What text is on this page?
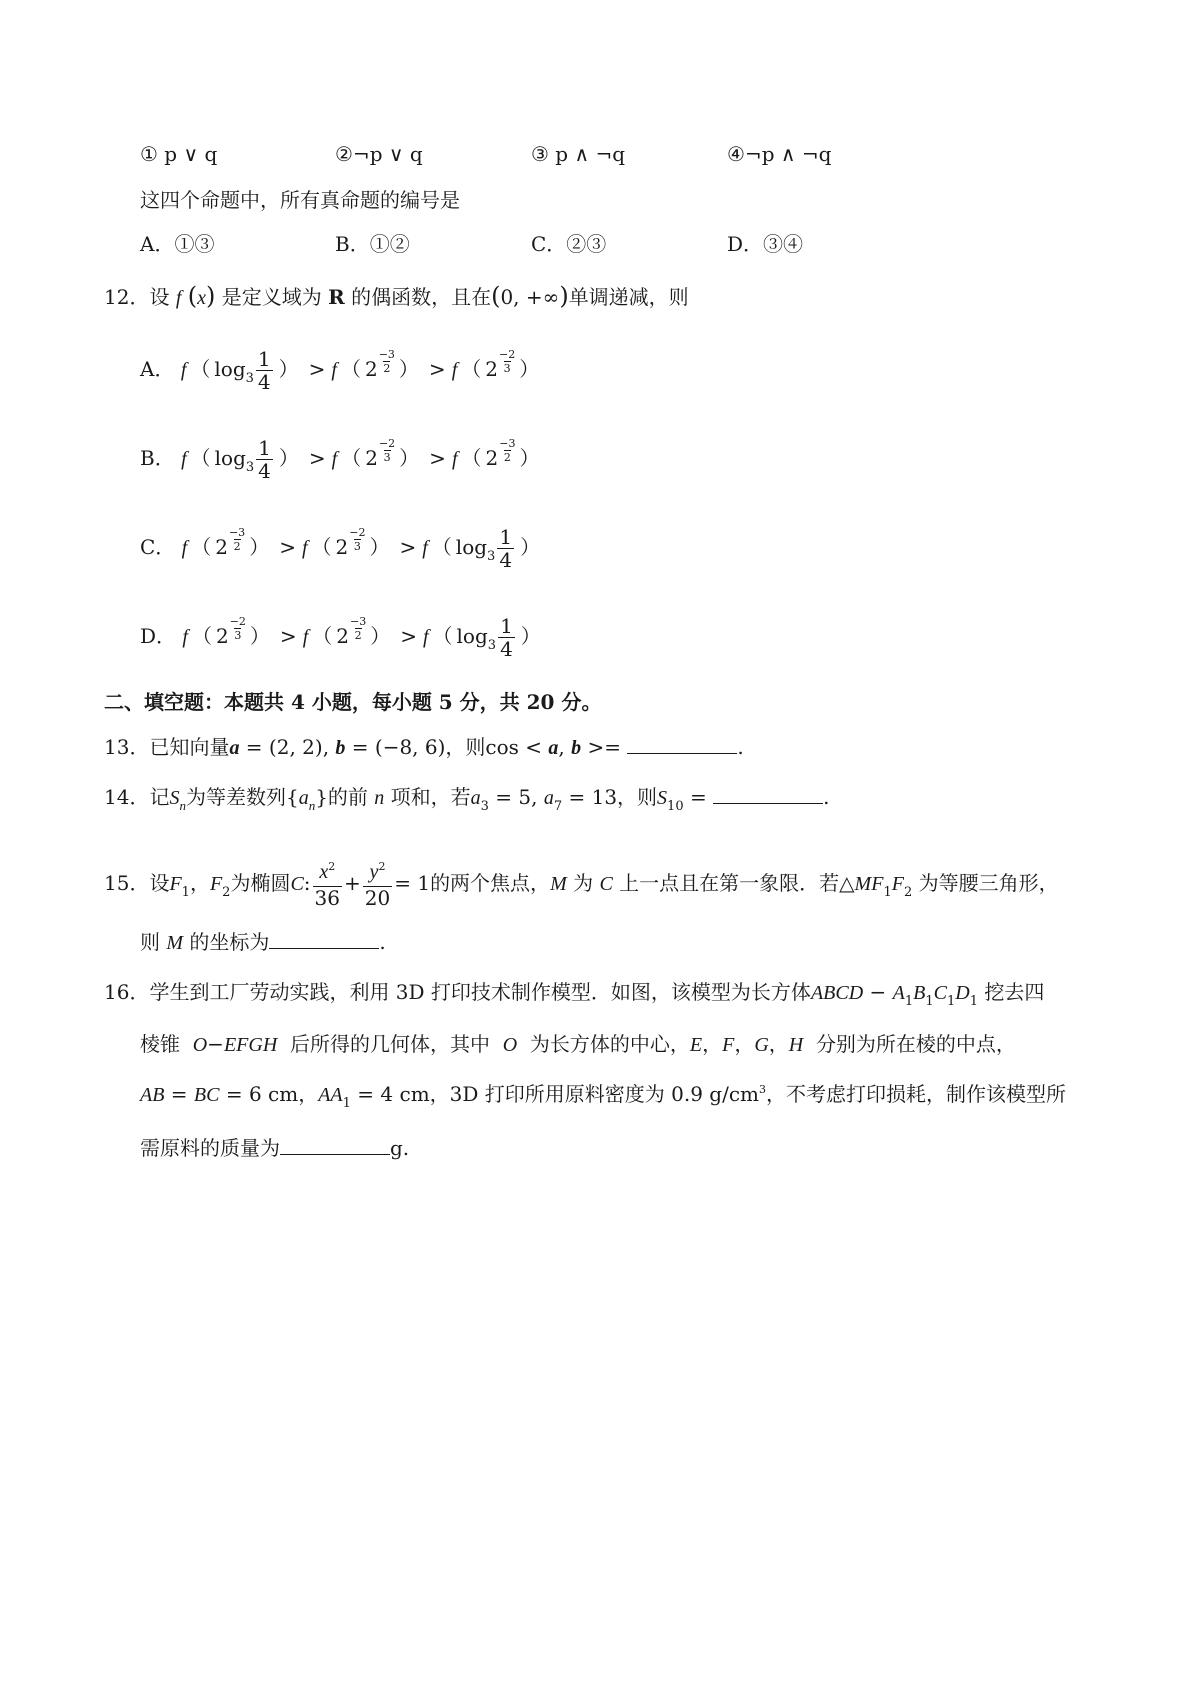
① p ∨ q	②¬p ∨ q	③ p ∧ ¬q	④¬p ∧ ¬q
这四个命题中，所有真命题的编号是
A．①③	B．①②	C．②③	D．③④
12．设 f (x) 是定义域为 R 的偶函数，且在(0, +∞)单调递减，则
A． f （ $\log_3 \frac{1}{4}$ ） > f （ $2 \frac{-3}{2}$ ） > f （ $2 \frac{-2}{3}$ ）
B． f （ $\log_3 \frac{1}{4}$ ） > f （ $2 \frac{-2}{3}$ ） > f （ $2 \frac{-3}{2}$ ）
C． f （ $2 \frac{-3}{2}$ ） > f （ $2 \frac{-2}{3}$ ） > f （ $\log_3 \frac{1}{4}$ ）
D． f （ $2 \frac{-2}{3}$ ） > f （ $2 \frac{-3}{2}$ ） > f （ $\log_3 \frac{1}{4}$ ）
二、填空题：本题共 4 小题，每小题 5 分，共 20 分。
13．已知向量a = (2, 2), b = (−8, 6)，则cos < a, b >=	.
14．记$S_n$为等差数列$\{a_n\}$的前 n 项和，若$a_3 = 5$, $a_7 = 13$，则$S_{10}$ =	.
15．设$F_1$，$F_2$为椭圆C: $\frac{x^2}{36} + \frac{y^2}{20} = 1$的两个焦点，M 为 C 上一点且在第一象限．若$\triangle MF_1F_2$ 为等腰三角形，
则 M 的坐标为	.
16．学生到工厂劳动实践，利用 3D 打印技术制作模型．如图，该模型为长方体ABCD − $A_1B_1C_1D_1$ 挖去四
棱锥 O−EFGH 后所得的几何体，其中 O 为长方体的中心，E，F，G，H 分别为所在棱的中点，
AB = BC = 6 cm，$AA_1 = 4$ cm，3D 打印所用原料密度为 0.9 $g/cm^3$，不考虑打印损耗，制作该模型所
需原料的质量为	g.
